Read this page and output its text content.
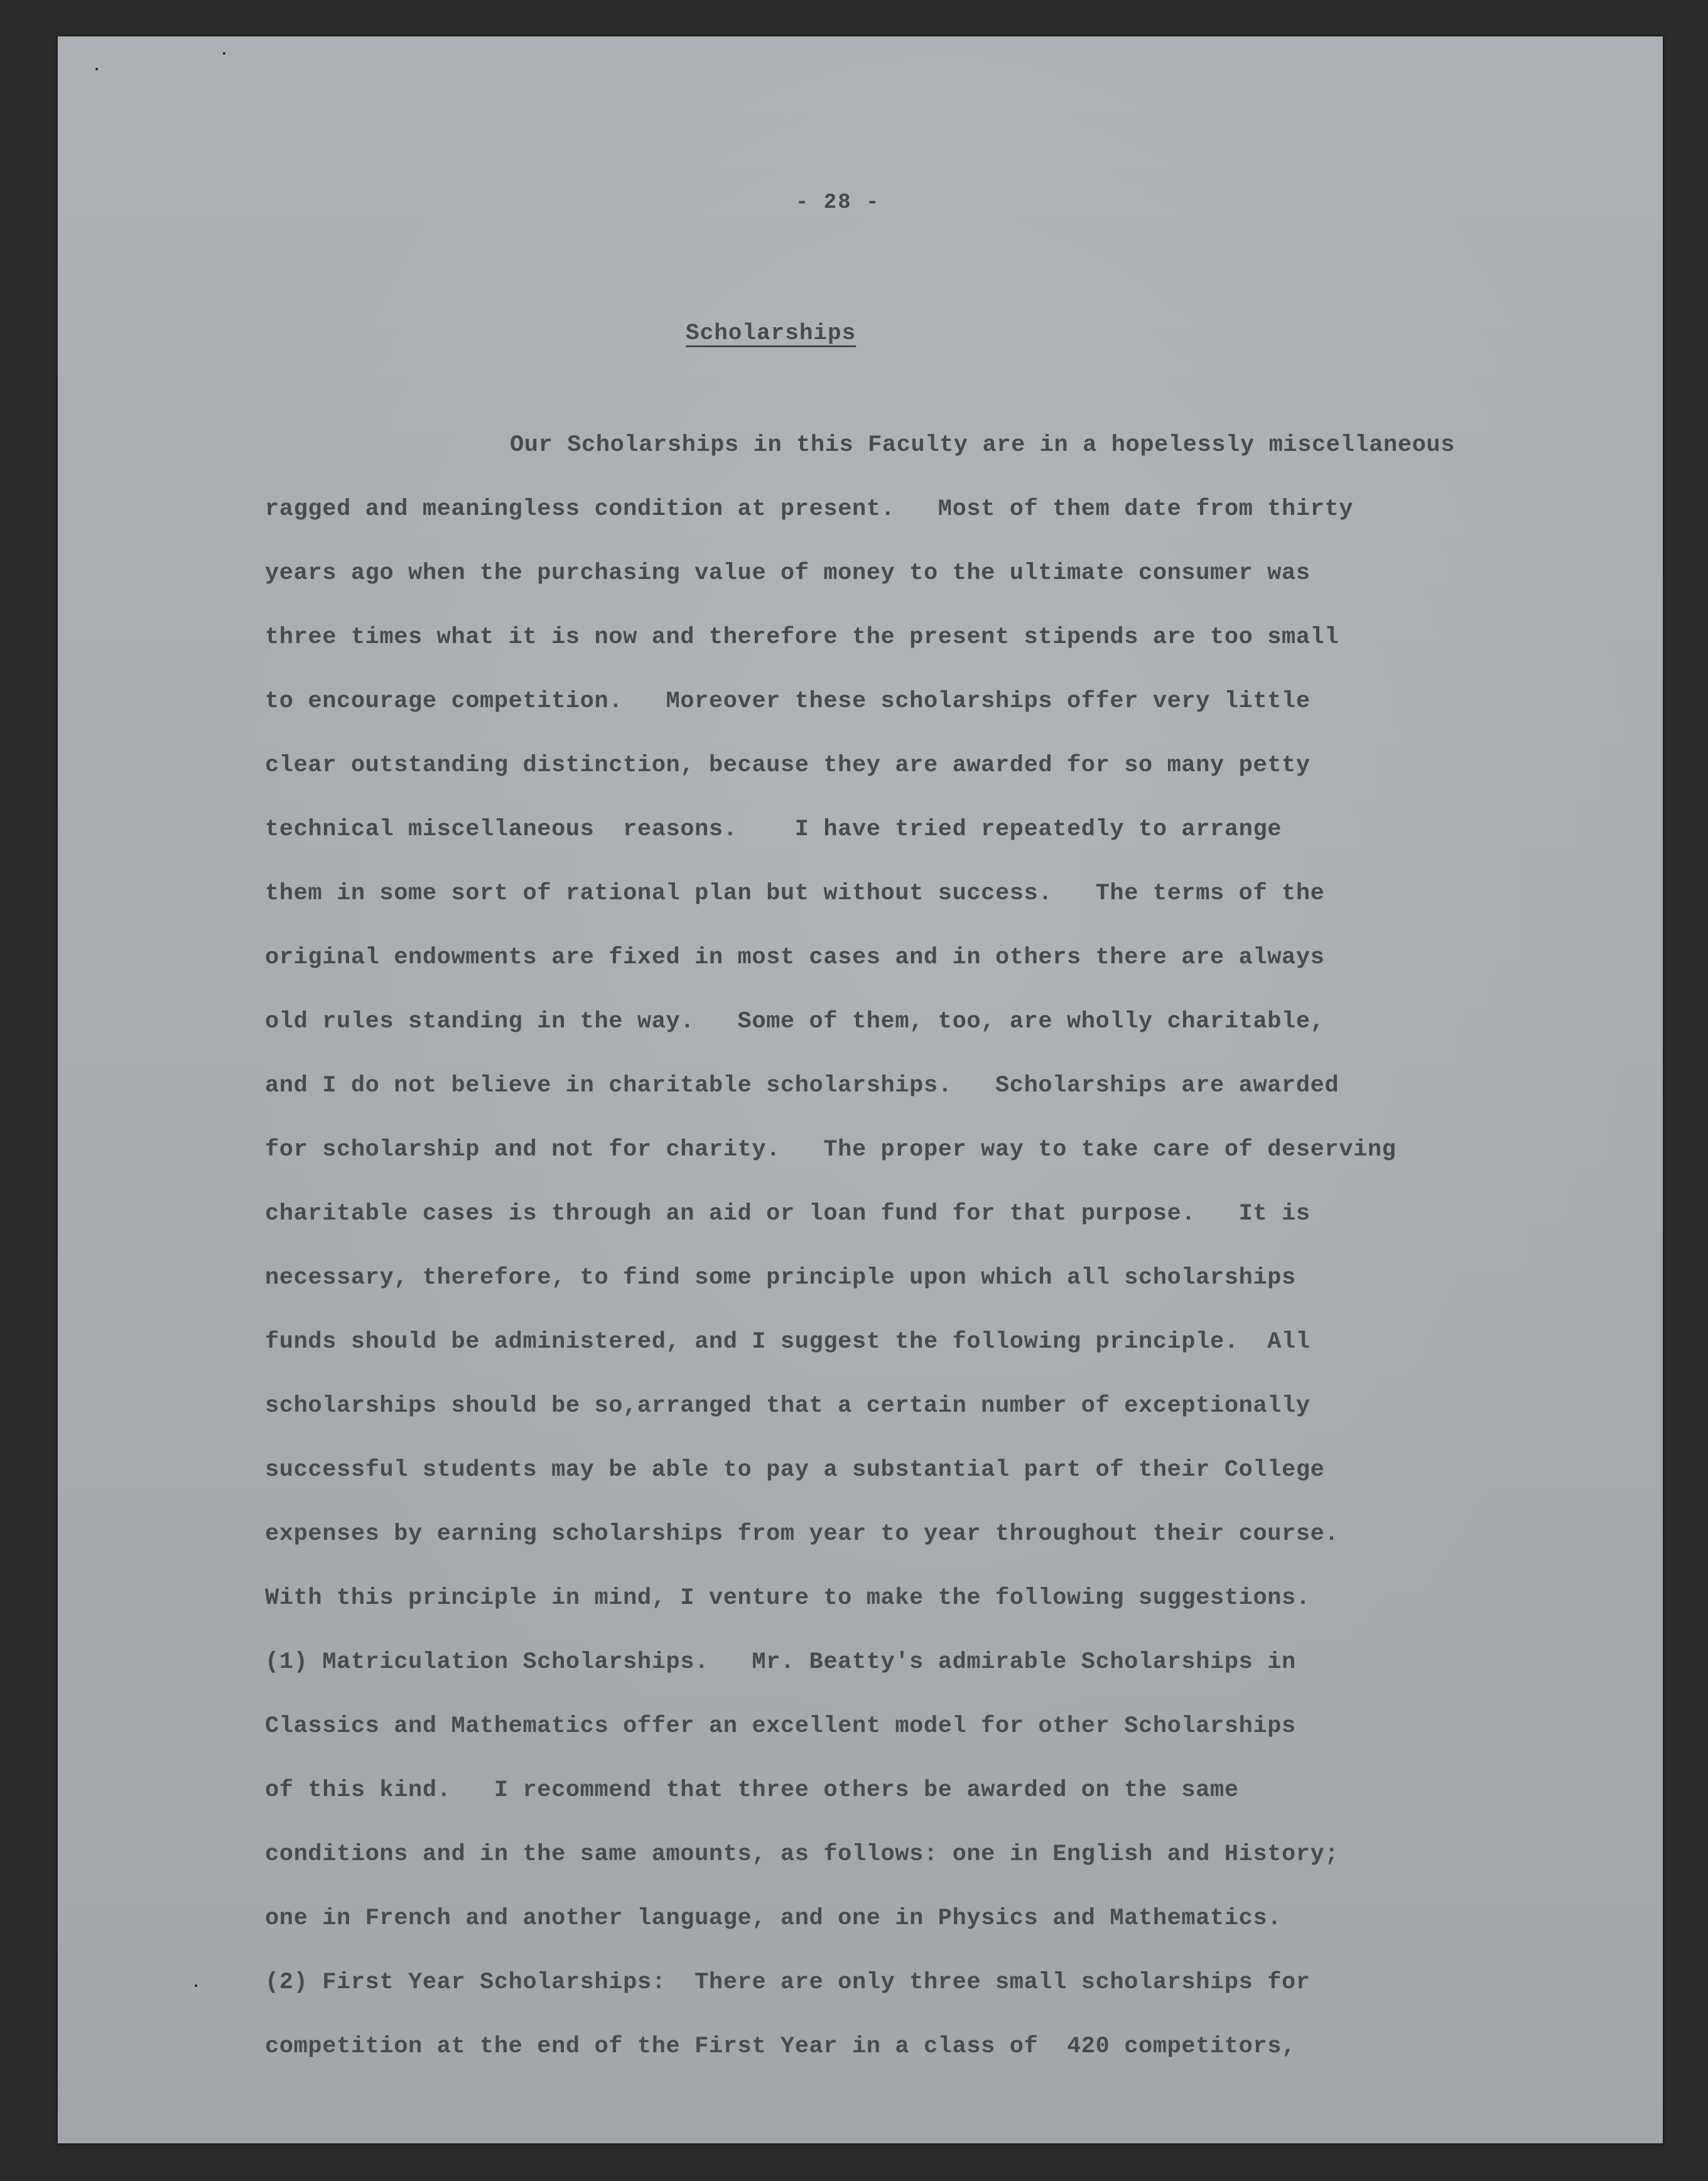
- 28 -
Scholarships
Our Scholarships in this Faculty are in a hopelessly miscellaneous
ragged and meaningless condition at present.   Most of them date from thirty
years ago when the purchasing value of money to the ultimate consumer was
three times what it is now and therefore the present stipends are too small
to encourage competition.   Moreover these scholarships offer very little
clear outstanding distinction, because they are awarded for so many petty
technical miscellaneous  reasons.    I have tried repeatedly to arrange
them in some sort of rational plan but without success.   The terms of the
original endowments are fixed in most cases and in others there are always
old rules standing in the way.   Some of them, too, are wholly charitable,
and I do not believe in charitable scholarships.   Scholarships are awarded
for scholarship and not for charity.   The proper way to take care of deserving
charitable cases is through an aid or loan fund for that purpose.   It is
necessary, therefore, to find some principle upon which all scholarships
funds should be administered, and I suggest the following principle.  All
scholarships should be so,arranged that a certain number of exceptionally
successful students may be able to pay a substantial part of their College
expenses by earning scholarships from year to year throughout their course.
With this principle in mind, I venture to make the following suggestions.
(1) Matriculation Scholarships.   Mr. Beatty's admirable Scholarships in
Classics and Mathematics offer an excellent model for other Scholarships
of this kind.   I recommend that three others be awarded on the same
conditions and in the same amounts, as follows: one in English and History;
one in French and another language, and one in Physics and Mathematics.
(2) First Year Scholarships:  There are only three small scholarships for
competition at the end of the First Year in a class of  420 competitors,
